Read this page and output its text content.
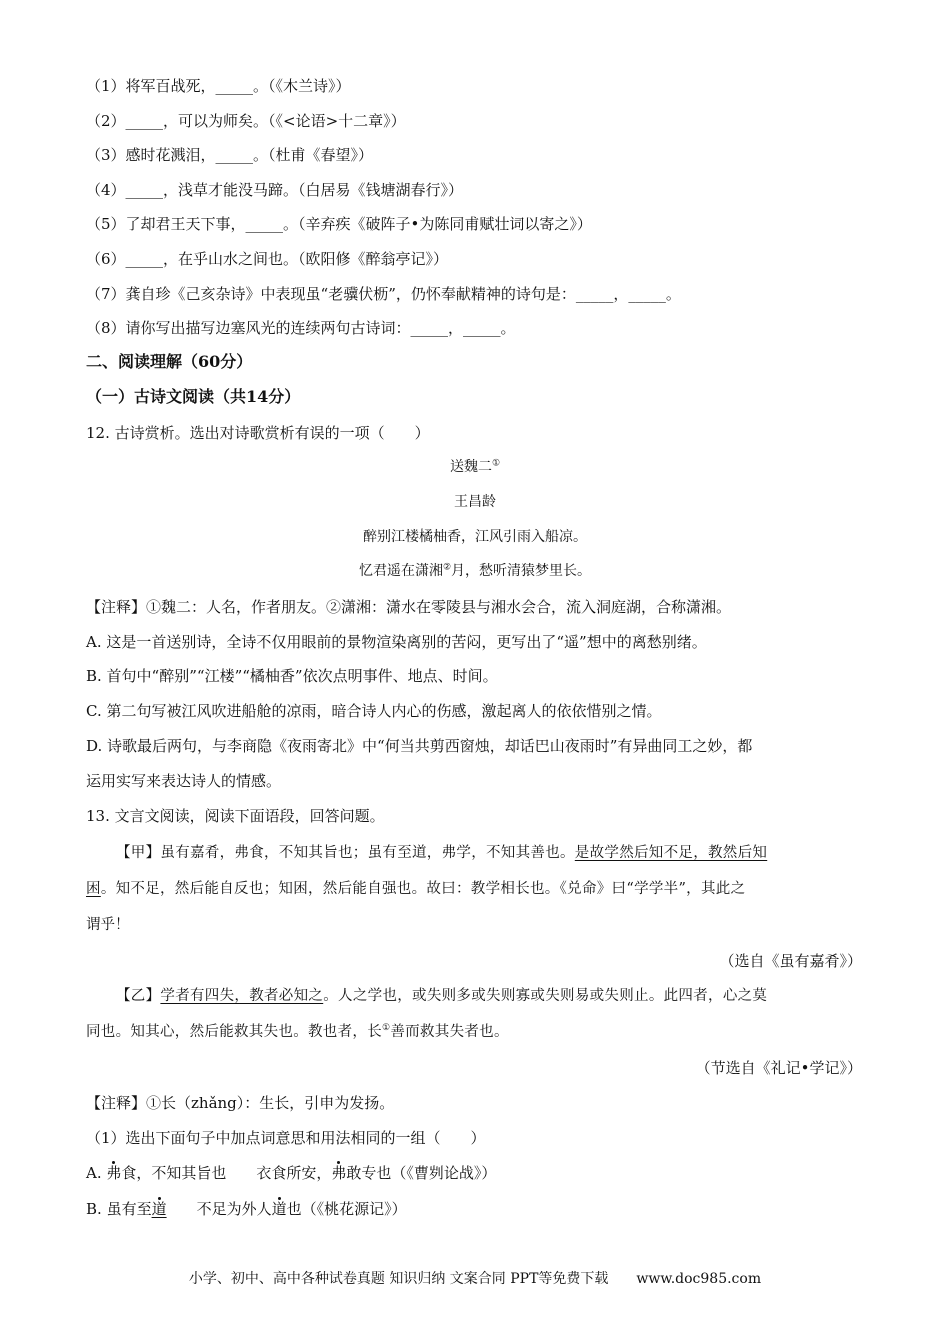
（1）将军百战死，_____。（《木兰诗》）
（2）_____，可以为师矣。（《<论语>十二章》）
（3）感时花溅泪，_____。（杜甫《春望》）
（4）_____，浅草才能没马蹄。（白居易《钱塘湖春行》）
（5）了却君王天下事，_____。（辛弃疾《破阵子•为陈同甫赋壮词以寄之》）
（6）_____，在乎山水之间也。（欧阳修《醉翁亭记》）
（7）龚自珍《己亥杂诗》中表现虽“老骥伏枥”，仍怀奉献精神的诗句是：_____，_____。
（8）请你写出描写边塞风光的连续两句古诗词：_____，_____。
二、阅读理解（60分）
（一）古诗文阅读（共14分）
12. 古诗赏析。选出对诗歌赏析有误的一项（　　）
送魏二①
王昌龄
醉别江楼橘柚香，江风引雨入船凉。
忆君遥在潇湘②月，愁听清猿梦里长。
【注释】①魏二：人名，作者朋友。②潇湘：潇水在零陵县与湘水会合，流入洞庭湖，合称潇湘。
A. 这是一首送别诗，全诗不仅用眼前的景物渲染离别的苦闷，更写出了“遥”想中的离愁别绪。
B. 首句中“醉别”“江楼”“橘柚香”依次点明事件、地点、时间。
C. 第二句写被江风吹进船舱的凉雨，暗合诗人内心的伤感，激起离人的依依惜别之情。
D. 诗歌最后两句，与李商隐《夜雨寄北》中“何当共剪西窗烛，却话巴山夜雨时”有异曲同工之妙，都
运用实写来表达诗人的情感。
13. 文言文阅读，阅读下面语段，回答问题。
【甲】虽有嘉肴，弗食，不知其旨也；虽有至道，弗学，不知其善也。是故学然后知不足，教然后知
困。知不足，然后能自反也；知困，然后能自强也。故曰：教学相长也。《兑命》曰“学学半”，其此之
谓乎！
（选自《虽有嘉肴》）
【乙】学者有四失，教者必知之。人之学也，或失则多或失则寡或失则易或失则止。此四者，心之莫
同也。知其心，然后能救其失也。教也者，长①善而救其失者也。
（节选自《礼记•学记》）
【注释】①长（zhǎng）：生长，引申为发扬。
（1）选出下面句子中加点词意思和用法相同的一组（　　）
A. 弗食，不知其旨也　　衣食所安，弗敢专也（《曹刿论战》）
B. 虽有至道　　不足为外人道也（《桃花源记》）
小学、初中、高中各种试卷真题 知识归纳 文案合同 PPT等免费下载　　www.doc985.com
